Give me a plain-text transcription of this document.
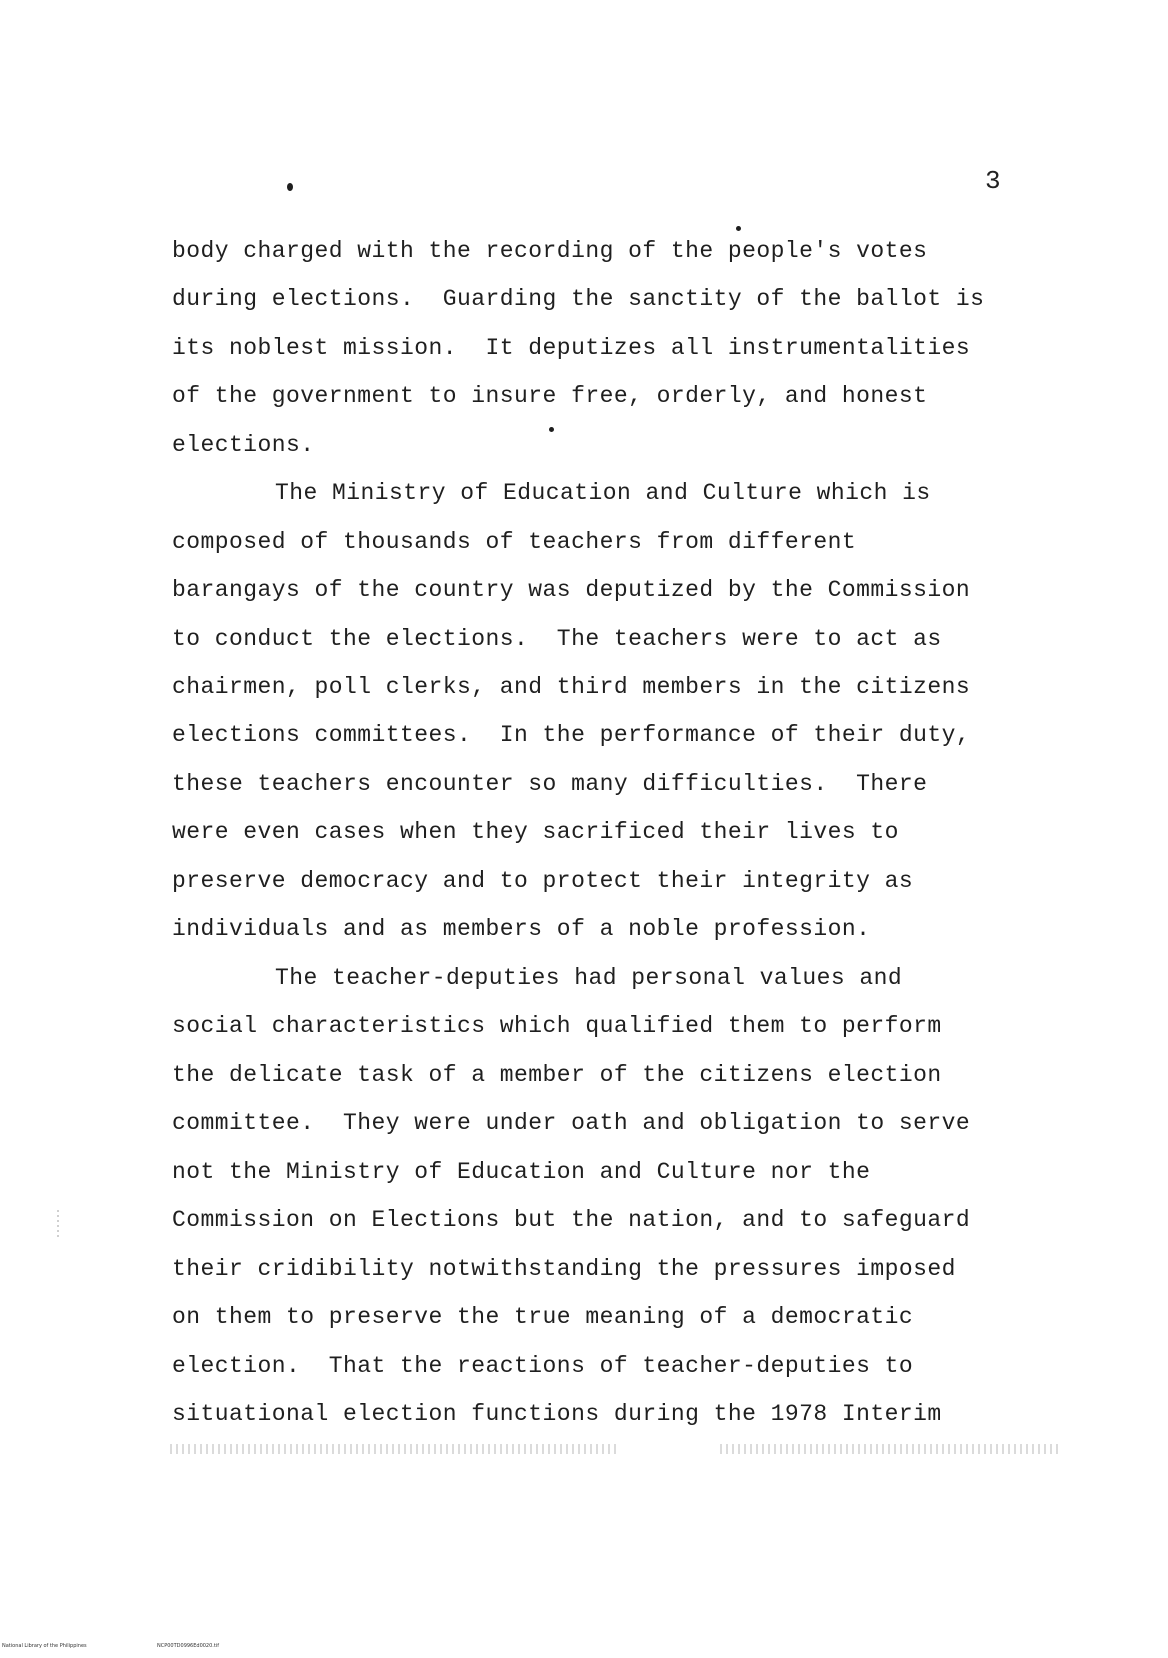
3
body charged with the recording of the people's votes
during elections.  Guarding the sanctity of the ballot is
its noblest mission.  It deputizes all instrumentalities
of the government to insure free, orderly, and honest
elections.
The Ministry of Education and Culture which is
composed of thousands of teachers from different
barangays of the country was deputized by the Commission
to conduct the elections.  The teachers were to act as
chairmen, poll clerks, and third members in the citizens
elections committees.  In the performance of their duty,
these teachers encounter so many difficulties.  There
were even cases when they sacrificed their lives to
preserve democracy and to protect their integrity as
individuals and as members of a noble profession.
The teacher-deputies had personal values and
social characteristics which qualified them to perform
the delicate task of a member of the citizens election
committee.  They were under oath and obligation to serve
not the Ministry of Education and Culture nor the
Commission on Elections but the nation, and to safeguard
their cridibility notwithstanding the pressures imposed
on them to preserve the true meaning of a democratic
election.  That the reactions of teacher-deputies to
situational election functions during the 1978 Interim
National Library of the Philippines	NCP00TD0996Ed0020.tif
